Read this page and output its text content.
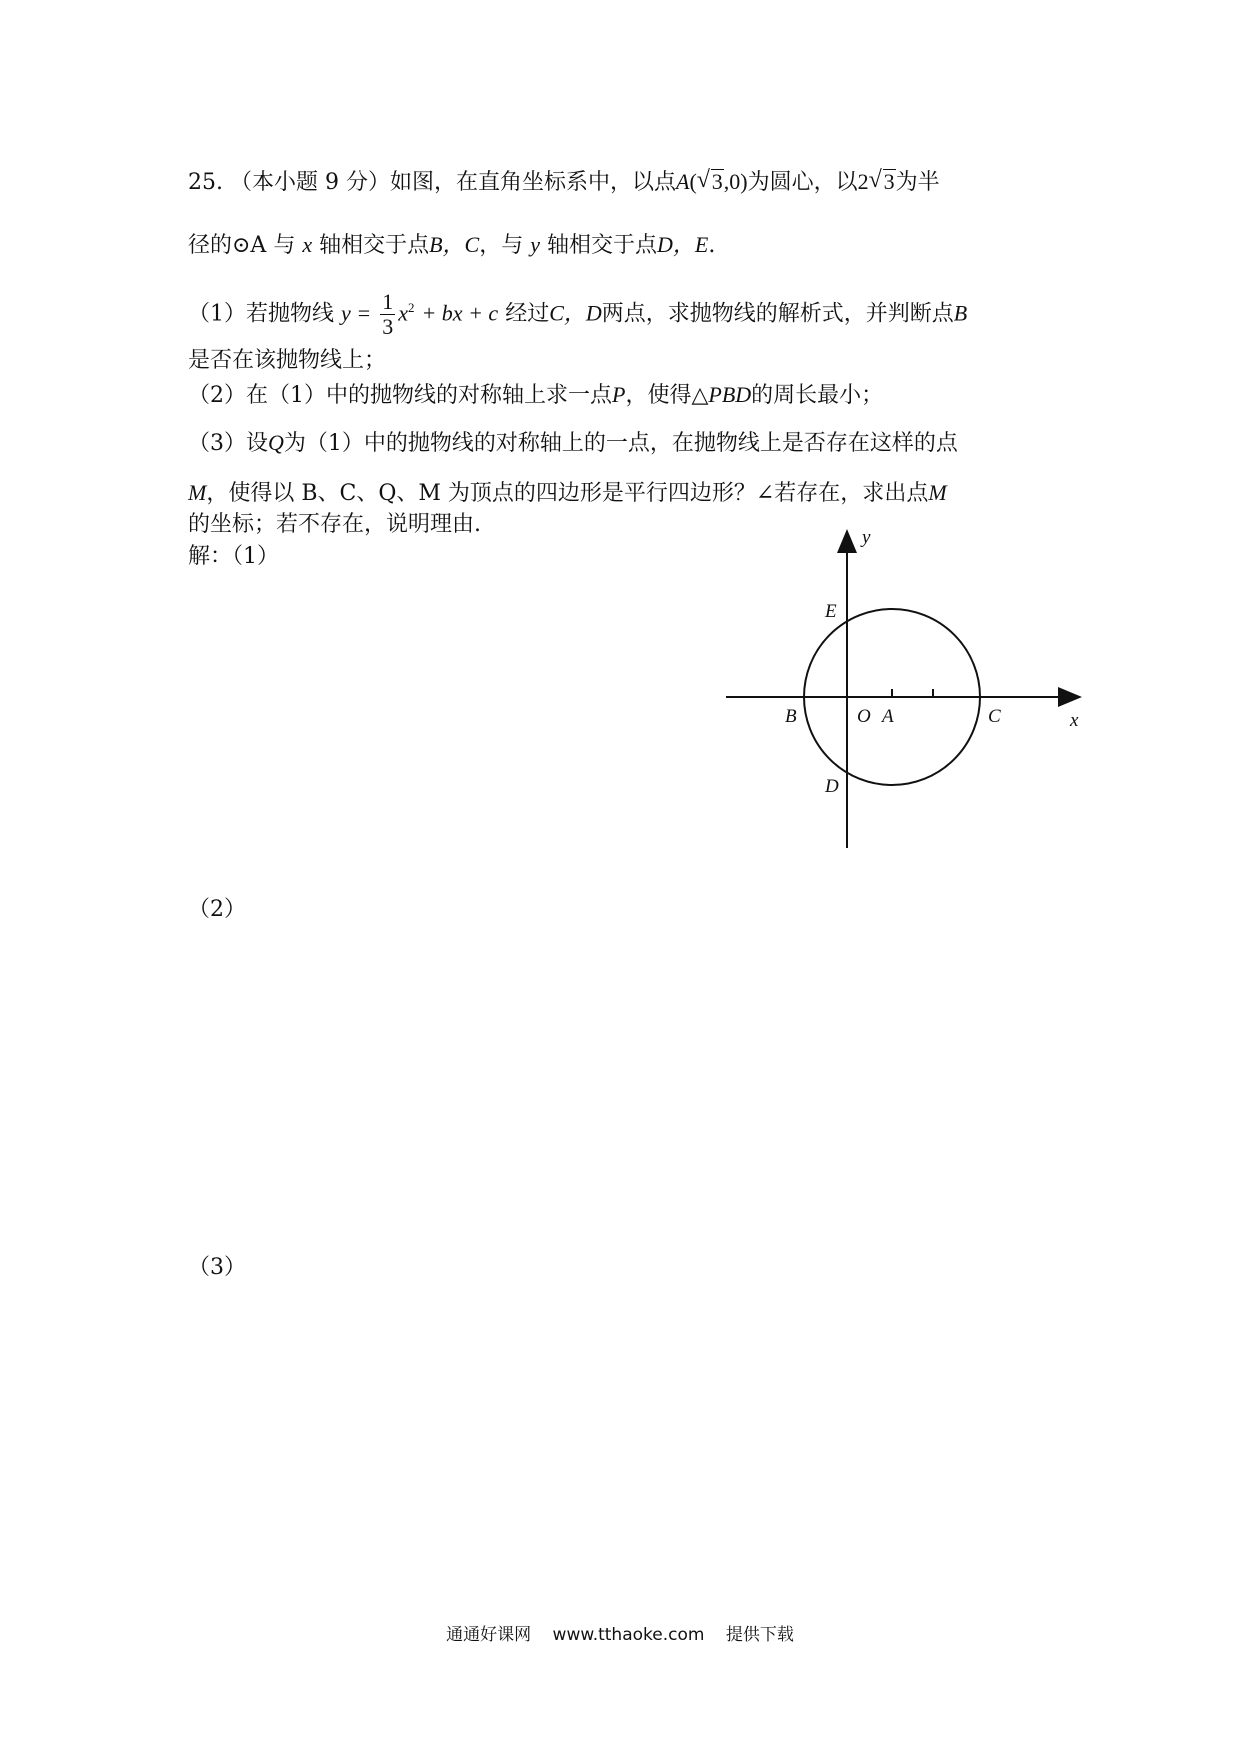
25. （本小题 9 分）如图，在直角坐标系中，以点A( √ 3,0)为圆心，以2 √ 3为半
径的⊙A 与 x 轴相交于点B，C，与 y 轴相交于点D，E.
（1）若抛物线 $y = \frac{1}{3} x^2$ + bx + c 经过C，D两点，求抛物线的解析式，并判断点B
是否在该抛物线上；
（2）在（1）中的抛物线的对称轴上求一点P，使得△PBD的周长最小；
（3）设Q为（1）中的抛物线的对称轴上的一点，在抛物线上是否存在这样的点
M，使得以 B、C、Q、M 为顶点的四边形是平行四边形？∠若存在，求出点M
的坐标；若不存在，说明理由.
解：（1）
（2）
（3）
y
x
O A
B	C
D
E
通通好课网 www.tthaoke.com 提供下载
